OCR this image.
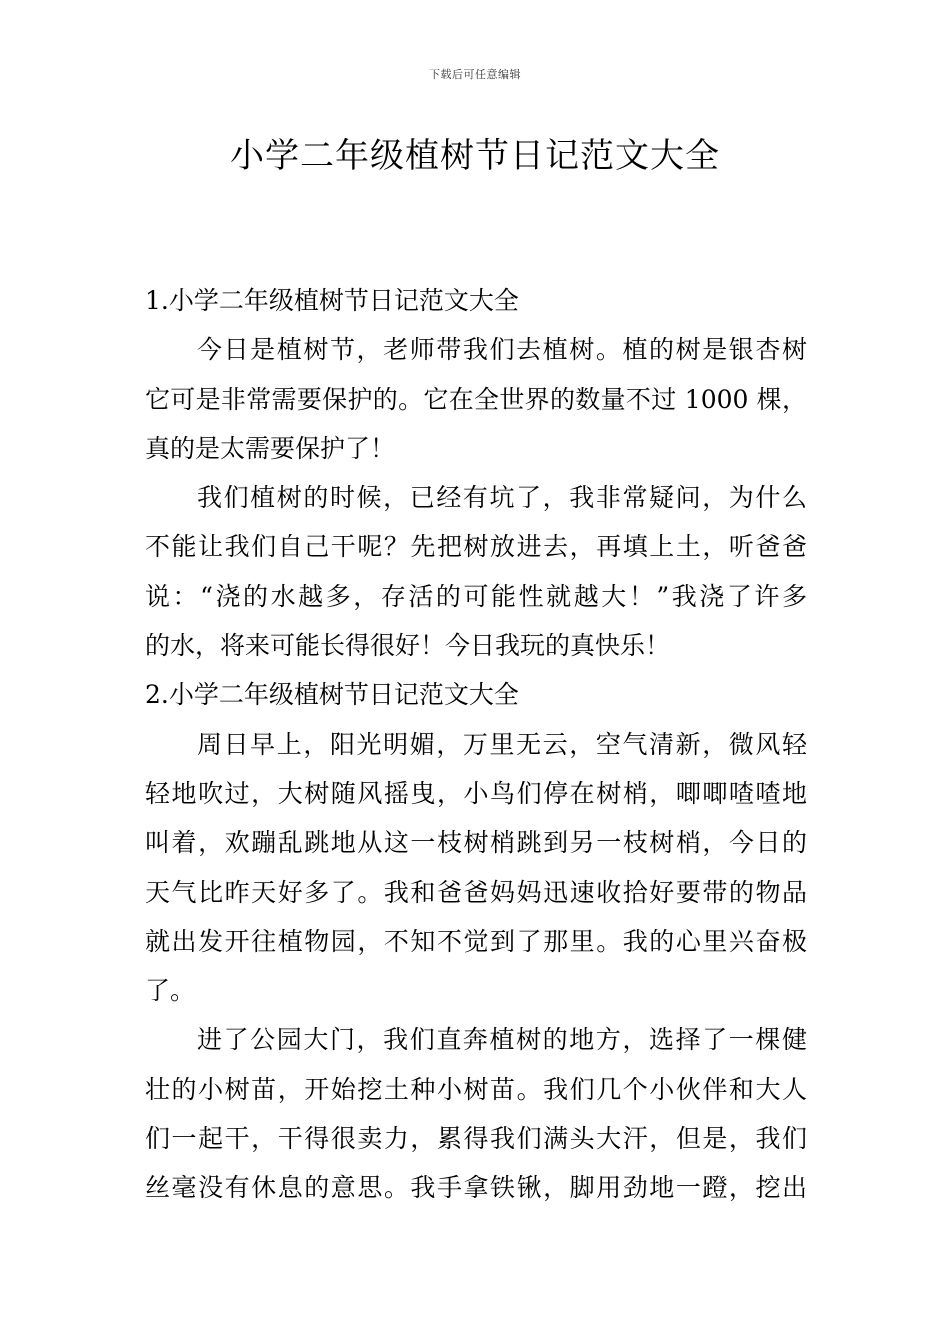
下载后可任意编辑
小学二年级植树节日记范文大全

1.小学二年级植树节日记范文大全

今日是植树节，老师带我们去植树。植的树是银杏树
它可是非常需要保护的。它在全世界的数量不过 1000 棵，
真的是太需要保护了！
我们植树的时候，已经有坑了，我非常疑问，为什么
不能让我们自己干呢？先把树放进去，再填上土，听爸爸
说：“浇的水越多，存活的可能性就越大！”我浇了许多
的水，将来可能长得很好！今日我玩的真快乐！

2.小学二年级植树节日记范文大全

周日早上，阳光明媚，万里无云，空气清新，微风轻
轻地吹过，大树随风摇曳，小鸟们停在树梢，唧唧喳喳地
叫着，欢蹦乱跳地从这一枝树梢跳到另一枝树梢，今日的
天气比昨天好多了。我和爸爸妈妈迅速收拾好要带的物品
就出发开往植物园，不知不觉到了那里。我的心里兴奋极
了。
进了公园大门，我们直奔植树的地方，选择了一棵健
壮的小树苗，开始挖土种小树苗。我们几个小伙伴和大人
们一起干，干得很卖力，累得我们满头大汗，但是，我们
丝毫没有休息的意思。我手拿铁锹，脚用劲地一蹬，挖出
